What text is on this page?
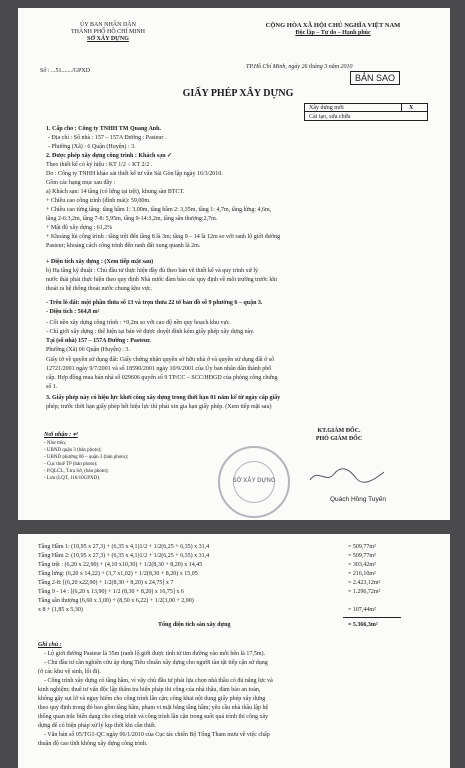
ỦY BAN NHÂN DÂN
THÀNH PHỐ HỒ CHÍ MINH
SỞ XÂY DỰNG
Số : ...51......./GPXD
CỘNG HÒA XÃ HỘI CHỦ NGHĨA VIỆT NAM
Độc lập – Tự do – Hạnh phúc
TP.Hồ Chí Minh, ngày 26 tháng 3 năm 2010
BẢN SAO
GIẤY PHÉP XÂY DỰNG
Xây dựng mới	X
Cải tạo, sửa chữa
1. Cấp cho : Công ty TNHH TM Quang Anh.
- Địa chỉ : Số nhà : 157 – 157A Đường : Pasteur .
- Phường (Xã) : 6 Quận (Huyện) : 3.
2. Được phép xây dựng công trình : Khách sạn ✓
Theo thiết kế có ký hiệu : KT 1/2 ÷ KT 2/2 .
Do : Công ty TNHH khảo sát thiết kế tư vấn Sài Gòn lập ngày 16/3/2010.
Gồm các hạng mục sau đây :
a) Khách sạn: 14 tầng (có lửng tại trệt), khung sàn BTCT.
+ Chiều cao công trình (đỉnh mái): 59,00m.
+ Chiều cao từng tầng: tầng hầm 1: 3,00m, tầng hầm 2: 3,35m, tầng 1: 4,7m, tầng lửng: 4,6m,
tầng 2-6:3,2m, tầng 7-8: 5,95m, tầng 9-14:3,2m, tầng sân thượng:2,7m.
+ Mật độ xây dựng : 61,2%
+ Khoảng lùi công trình : tầng trệt đến tầng 8 là 3m; tầng 9 – 14 là 12m so với ranh lộ giới đường
Pasteur; khoảng cách công trình đến ranh đất xung quanh là 2m.
+ Diện tích xây dựng : (Xem tiếp mặt sau)
b) Hạ tầng kỹ thuật : Chủ đầu tư thực hiện đầy đủ theo bản vẽ thiết kế và quy trình xử lý
nước thải phải thực hiện theo quy định Nhà nước đảm bảo các quy định về môi trường trước khi
thoát ra hệ thống thoát nước chung khu vực.
- Trên lô đất: một phần thửa số 13 và trọn thửa 22 tờ bản đồ số 9 phường 6 – quận 3.
- Diện tích : 564,8 m²
- Cốt nền xây dựng công trình : +0,2m so với cao độ nền quy hoạch khu vực.
- Chỉ giới xây dựng : thể hiện tại bản vẽ được duyệt đính kèm giấy phép xây dựng này.
Tại (số nhà) 157 – 157A Đường : Pasteur.
Phường (Xã) 06 Quận (Huyện) : 3.
Giấy tờ về quyền sử dụng đất: Giấy chứng nhận quyền sở hữu nhà ở và quyền sử dụng đất ở số
12721/2001 ngày 9/7/2001 và số 18590/2001 ngày 10/9/2001 của Ủy ban nhân dân thành phố
cấp. Hợp đồng mua bán nhà số 029606 quyển số 9 TP/CC – SCC/HĐGD của phòng công chứng
số 1.
3. Giấy phép này có hiệu lực khởi công xây dựng trong thời hạn 01 năm kể từ ngày cấp giấy
phép; trước thời hạn giấy phép hết hiệu lực thì phải xin gia hạn giấy phép. (Xem tiếp mặt sau)
Nơi nhận : ↵
- Như trên;
- UBND quận 3 (bản photo);
- UBND phường 06 – quận 3 (bản photo);
- Cục thuế TP (bản photo);
- P.QLCL, T.tra Sở, (bản photo);
- Lưu (LQT, 116/10GPXD).
KT.GIÁM ĐỐC.
PHÓ GIÁM ĐỐC
SỞ XÂY DỰNG
Quách Hồng Tuyến
Tầng Hầm 1: (10,95 x 27,3) + (6,35 x 4,1)1/2 + 1/2(6,25 + 6,35) x 31,4	= 509,77m²
Tầng Hầm 2: (10,95 x 27,3) + (6,35 x 4,1)1/2 + 1/2(6,25 + 6,35) x 31,4	= 509,77m²
Tầng trệt : (6,20 x 22,90) + (4,10 x10,30) + 1/2(8,30 + 8,20) x 14,45	= 303,42m²
Tầng lửng: (6,20 x 14,22) + (3,7 x1,02) + 1/2(8,30 + 8,20) x 15,05	= 216,10m²
Tầng 2-8: [(6,20 x22,90) + 1/2(8,30 + 8,20) x 24,75] x 7	= 2.423,12m²
Tầng 9 - 14 : [(6,20 x 13,90) + 1/2 (8,30 + 8,20) x 16,75] x 6	= 1.296,72m²
Tầng sân thượng (6,60 x 3,00) + (8,50 x 6,22) + 1/2(3,00 + 2,90)
x 8 + (1,85 x 5,30)	= 107,44m²
Tổng diện tích sàn xây dựng	= 5.366,3m²
Ghi chú :
- Lộ giới đường Pasteur là 35m (ranh lộ giới được tính từ tim đường vào mỗi bên là 17,5m).
- Chủ đầu tư cần nghiên cứu áp dụng Tiêu chuẩn xây dựng cho người tàn tật tiếp cận sử dụng
(ở các khu vệ sinh, lối đi).
- Công trình xây dựng có tầng hầm, vì vậy chủ đầu tư phải lựa chọn nhà thầu có đủ năng lực và
kinh nghiệm; thuê tư vấn độc lập thẩm tra biện pháp thi công của nhà thầu, đảm bảo an toàn,
không gây sụt lở và nguy hiểm cho công trình lân cận; công khai nội dung giấy phép xây dựng
theo quy định trong đó bao gồm tầng hầm, phạm vi mặt bằng tầng hầm; yêu cầu nhà thầu lập hệ
thống quan trắc biến dạng cho công trình và công trình lân cận trong suốt quá trình thi công xây
dựng để có biện pháp xử lý kịp thời khi cần thiết.
- Văn bản số 05/TG1-QC ngày 06/1/2010 của Cục tác chiến Bộ Tổng Tham mưu về việc chấp
thuận độ cao tĩnh không xây dựng công trình.
